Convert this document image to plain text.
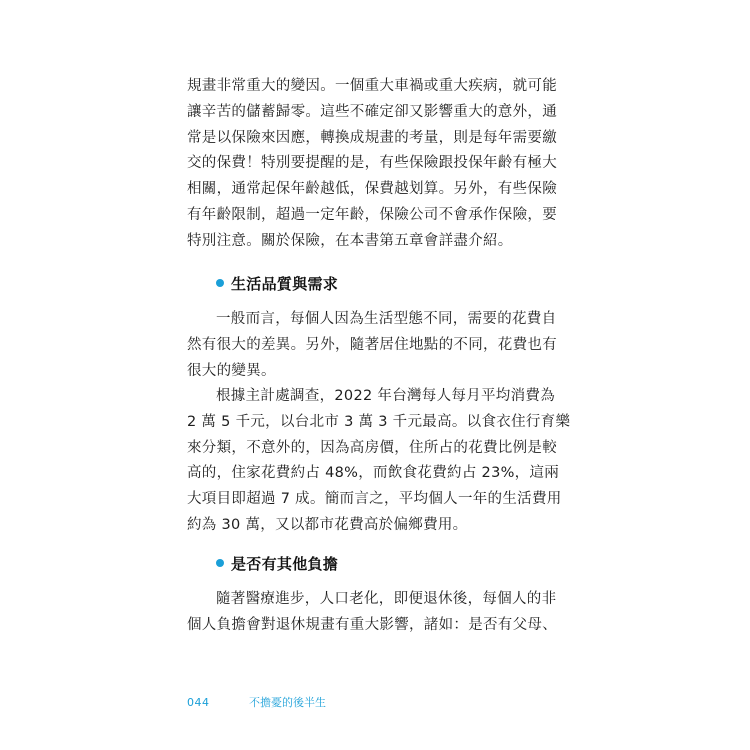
規畫非常重大的變因。一個重大車禍或重大疾病，就可能
讓辛苦的儲蓄歸零。這些不確定卻又影響重大的意外，通
常是以保險來因應，轉換成規畫的考量，則是每年需要繳
交的保費！特別要提醒的是，有些保險跟投保年齡有極大
相關，通常起保年齡越低，保費越划算。另外，有些保險
有年齡限制，超過一定年齡，保險公司不會承作保險，要
特別注意。關於保險，在本書第五章會詳盡介紹。
生活品質與需求
一般而言，每個人因為生活型態不同，需要的花費自
然有很大的差異。另外，隨著居住地點的不同，花費也有
很大的變異。
根據主計處調查，2022 年台灣每人每月平均消費為
2 萬 5 千元，以台北市 3 萬 3 千元最高。以食衣住行育樂
來分類，不意外的，因為高房價，住所占的花費比例是較
高的，住家花費約占 48%，而飲食花費約占 23%，這兩
大項目即超過 7 成。簡而言之，平均個人一年的生活費用
約為 30 萬，又以都市花費高於偏鄉費用。
是否有其他負擔
隨著醫療進步，人口老化，即便退休後，每個人的非
個人負擔會對退休規畫有重大影響，諸如：是否有父母、
044	不擔憂的後半生
